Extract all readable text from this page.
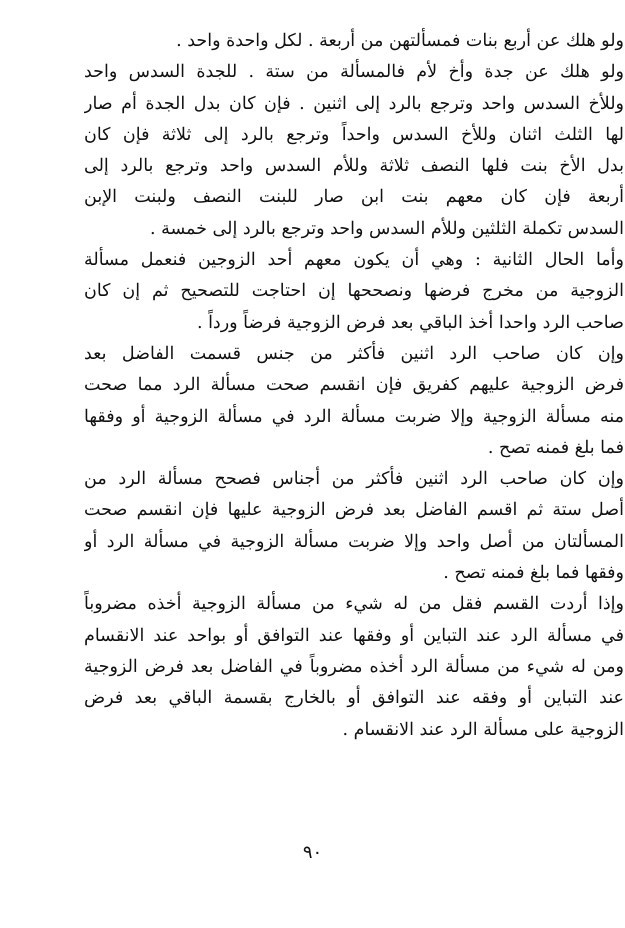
ولو هلك عن أربع بنات فمسألتهن من أربعة . لكل واحدة واحد .
ولو هلك عن جدة وأخ لأم فالمسألة من ستة . للجدة السدس واحد
وللأخ السدس واحد وترجع بالرد إلى اثنين . فإن كان بدل الجدة أم صار
لها الثلث اثنان وللأخ السدس واحداً وترجع بالرد إلى ثلاثة فإن كان
بدل الأخ بنت فلها النصف ثلاثة وللأم السدس واحد وترجع بالرد إلى
أربعة فإن كان معهم بنت ابن صار للبنت النصف ولبنت الإبن
السدس تكملة الثلثين وللأم السدس واحد وترجع بالرد إلى خمسة .
وأما الحال الثانية : وهي أن يكون معهم أحد الزوجين فنعمل مسألة
الزوجية من مخرج فرضها ونصححها إن احتاجت للتصحيح ثم إن كان
صاحب الرد واحدا أخذ الباقي بعد فرض الزوجية فرضاً ورداً .
وإن كان صاحب الرد اثنين فأكثر من جنس قسمت الفاضل بعد
فرض الزوجية عليهم كفريق فإن انقسم صحت مسألة الرد مما صحت
منه مسألة الزوجية وإلا ضربت مسألة الرد في مسألة الزوجية أو وفقها
فما بلغ فمنه تصح .
وإن كان صاحب الرد اثنين فأكثر من أجناس فصحح مسألة الرد من
أصل ستة ثم اقسم الفاضل بعد فرض الزوجية عليها فإن انقسم صحت
المسألتان من أصل واحد وإلا ضربت مسألة الزوجية في مسألة الرد أو
وفقها فما بلغ فمنه تصح .
وإذا أردت القسم فقل من له شيء من مسألة الزوجية أخذه مضروباً
في مسألة الرد عند التباين أو وفقها عند التوافق أو بواحد عند الانقسام
ومن له شيء من مسألة الرد أخذه مضروباً في الفاضل بعد فرض الزوجية
عند التباين أو وفقه عند التوافق أو بالخارج بقسمة الباقي بعد فرض
الزوجية على مسألة الرد عند الانقسام .
٩٠
